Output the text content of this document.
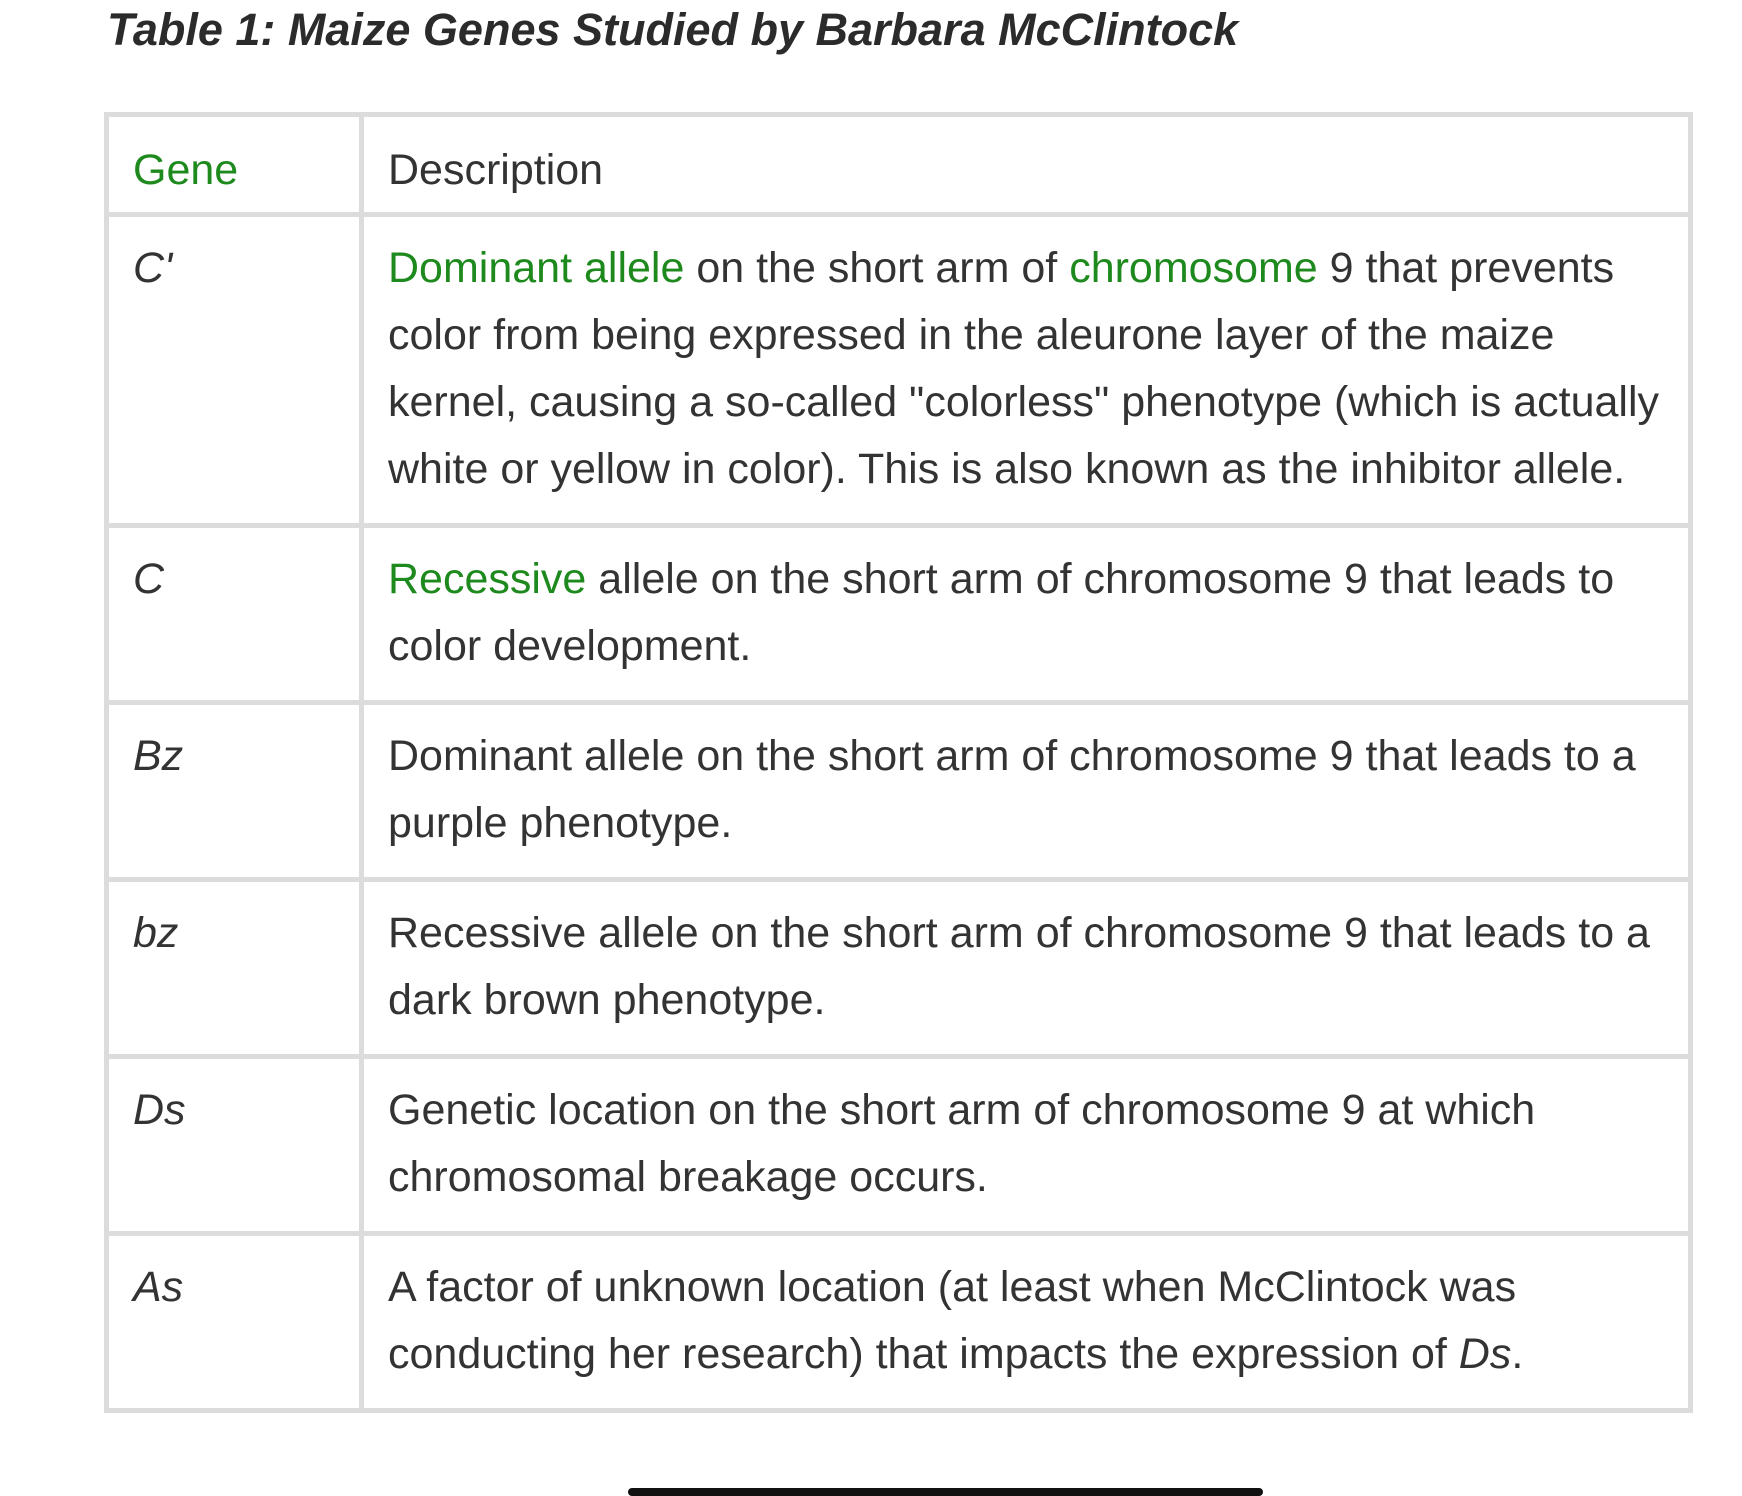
Table 1: Maize Genes Studied by Barbara McClintock
Gene	Description
C'	Dominant allele on the short arm of chromosome 9 that prevents color from being expressed in the aleurone layer of the maize kernel, causing a so-called "colorless" phenotype (which is actually white or yellow in color). This is also known as the inhibitor allele.
C	Recessive allele on the short arm of chromosome 9 that leads to color development.
Bz	Dominant allele on the short arm of chromosome 9 that leads to a purple phenotype.
bz	Recessive allele on the short arm of chromosome 9 that leads to a dark brown phenotype.
Ds	Genetic location on the short arm of chromosome 9 at which chromosomal breakage occurs.
As	A factor of unknown location (at least when McClintock was conducting her research) that impacts the expression of Ds.
